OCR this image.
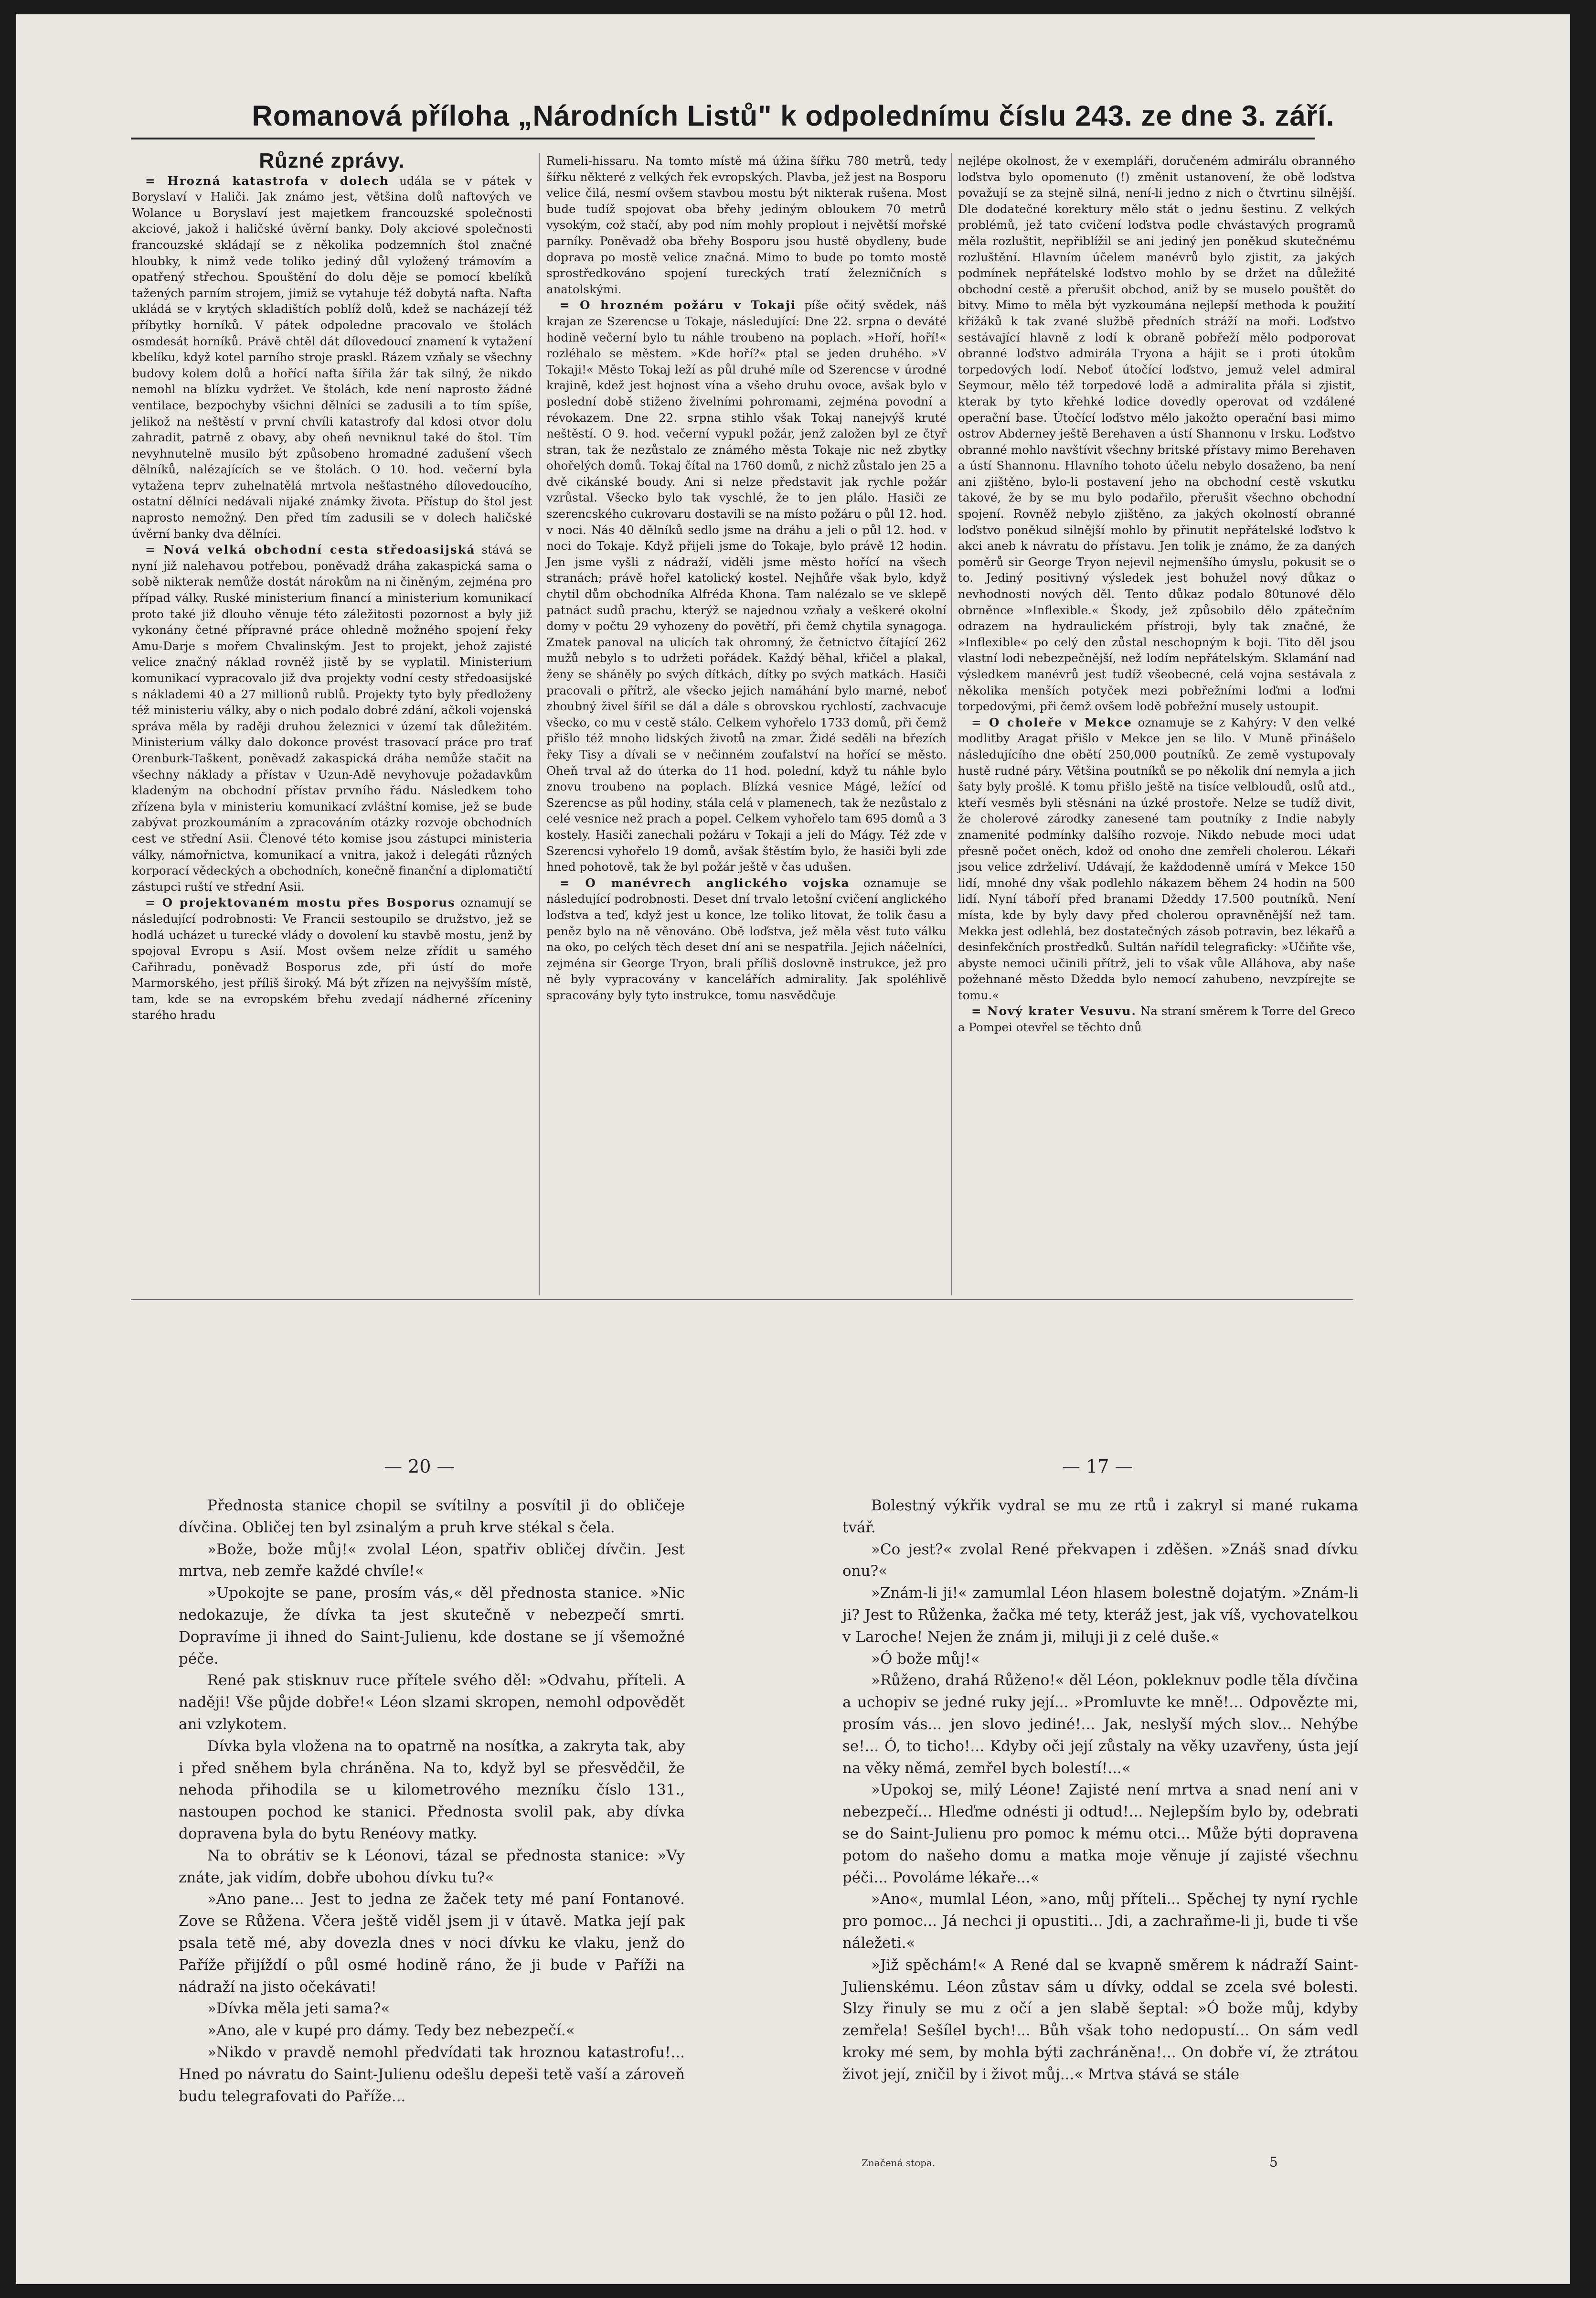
Romanová příloha „Národních Listů" k odpolednímu číslu 243. ze dne 3. září.
Různé zprávy.

= Hrozná katastrofa v dolech udála se v pátek v Boryslaví v Haliči. Jak známo jest, většina dolů naftových ve Wolance u Boryslaví jest majetkem francouzské společnosti akciové, jakož i haličské úvěrní banky. Doly akciové společnosti francouzské skládají se z několika podzemních štol značné hloubky, k nimž vede toliko jediný důl vyložený trámovím a opatřený střechou. Spouštění do dolu děje se pomocí kbelíků tažených parním strojem, jimiž se vytahuje též dobytá nafta. Nafta ukládá se v krytých skladištích poblíž dolů, kdež se nacházejí též příbytky horníků. V pátek odpoledne pracovalo ve štolách osmdesát horníků. Právě chtěl dát dílovedoucí znamení k vytažení kbelíku, když kotel parního stroje praskl. Rázem vzňaly se všechny budovy kolem dolů a hořící nafta šířila žár tak silný, že nikdo nemohl na blízku vydržet. Ve štolách, kde není naprosto žádné ventilace, bezpochyby všichni dělníci se zadusili a to tím spíše, jelikož na neštěstí v první chvíli katastrofy dal kdosi otvor dolu zahradit, patrně z obavy, aby oheň nevniknul také do štol. Tím nevyhnutelně musilo být způsobeno hromadné zadušení všech dělníků, nalézajících se ve štolách. O 10. hod. večerní byla vytažena teprv zuhelnatělá mrtvola nešťastného dílovedoucího, ostatní dělníci nedávali nijaké známky života. Přístup do štol jest naprosto nemožný. Den před tím zadusili se v dolech haličské úvěrní banky dva dělníci.

= Nová velká obchodní cesta středoasijská stává se nyní již nalehavou potřebou, poněvadž dráha zakaspická sama o sobě nikterak nemůže dostát nárokům na ni činěným, zejména pro případ války. Ruské ministerium financí a ministerium komunikací proto také již dlouho věnuje této záležitosti pozornost a byly již vykonány četné přípravné práce ohledně možného spojení řeky Amu-Darje s mořem Chvalinským. Jest to projekt, jehož zajisté velice značný náklad rovněž jistě by se vyplatil. Ministerium komunikací vypracovalo již dva projekty vodní cesty středoasijské s náklademi 40 a 27 millionů rublů. Projekty tyto byly předloženy též ministeriu války, aby o nich podalo dobré zdání, ačkoli vojenská správa měla by raději druhou železnici v území tak důležitém. Ministerium války dalo dokonce provést trasovací práce pro trať Orenburk-Taškent, poněvadž zakaspická dráha nemůže stačit na všechny náklady a přístav v Uzun-Adě nevyhovuje požadavkům kladeným na obchodní přístav prvního řádu. Následkem toho zřízena byla v ministeriu komunikací zvláštní komise, jež se bude zabývat prozkoumáním a zpracováním otázky rozvoje obchodních cest ve střední Asii. Členové této komise jsou zástupci ministeria války, námořnictva, komunikací a vnitra, jakož i delegáti různých korporací vědeckých a obchodních, konečně finanční a diplomatičtí zástupci ruští ve střední Asii.

= O projektovaném mostu přes Bosporus oznamují se následující podrobnosti: Ve Francii sestoupilo se družstvo, jež se hodlá ucházet u turecké vlády o dovolení ku stavbě mostu, jenž by spojoval Evropu s Asií. Most ovšem nelze zřídit u samého Cařihradu, poněvadž Bosporus zde, při ústí do moře Marmorského, jest příliš široký. Má být zřízen na nejvyšším místě, tam, kde se na evropském břehu zvedají nádherné zříceniny starého hradu

Rumeli-hissaru. Na tomto místě má úžina šířku 780 metrů, tedy šířku některé z velkých řek evropských. Plavba, jež jest na Bosporu velice čilá, nesmí ovšem stavbou mostu být nikterak rušena. Most bude tudíž spojovat oba břehy jediným obloukem 70 metrů vysokým, což stačí, aby pod ním mohly proplout i největší mořské parníky. Poněvadž oba břehy Bosporu jsou hustě obydleny, bude doprava po mostě velice značná. Mimo to bude po tomto mostě sprostředkováno spojení tureckých tratí železničních s anatolskými.

= O hrozném požáru v Tokaji píše očitý svědek, náš krajan ze Szerencse u Tokaje, následující: Dne 22. srpna o deváté hodině večerní bylo tu náhle troubeno na poplach. »Hoří, hoří!« rozléhalo se městem. »Kde hoří?« ptal se jeden druhého. »V Tokaji!« Město Tokaj leží as půl druhé míle od Szerencse v úrodné krajině, kdež jest hojnost vína a všeho druhu ovoce, avšak bylo v poslední době stiženo živelními pohromami, zejména povodní a révokazem. Dne 22. srpna stihlo však Tokaj nanejvýš kruté neštěstí. O 9. hod. večerní vypukl požár, jenž založen byl ze čtyř stran, tak že nezůstalo ze známého města Tokaje nic než zbytky ohořelých domů. Tokaj čítal na 1760 domů, z nichž zůstalo jen 25 a dvě cikánské boudy. Ani si nelze představit jak rychle požár vzrůstal. Všecko bylo tak vyschlé, že to jen plálo. Hasiči ze szerencského cukrovaru dostavili se na místo požáru o půl 12. hod. v noci. Nás 40 dělníků sedlo jsme na dráhu a jeli o půl 12. hod. v noci do Tokaje. Když přijeli jsme do Tokaje, bylo právě 12 hodin. Jen jsme vyšli z nádraží, viděli jsme město hořící na všech stranách; právě hořel katolický kostel. Nejhůře však bylo, když chytil dům obchodníka Alfréda Khona. Tam nalézalo se ve sklepě patnáct sudů prachu, kterýž se najednou vzňaly a veškeré okolní domy v počtu 29 vyhozeny do povětří, při čemž chytila synagoga. Zmatek panoval na ulicích tak ohromný, že četnictvo čítající 262 mužů nebylo s to udržeti pořádek. Každý běhal, křičel a plakal, ženy se sháněly po svých dítkách, dítky po svých matkách. Hasiči pracovali o přítrž, ale všecko jejich namáhání bylo marné, neboť zhoubný živel šířil se dál a dále s obrovskou rychlostí, zachvacuje všecko, co mu v cestě stálo. Celkem vyhořelo 1733 domů, při čemž přišlo též mnoho lidských životů na zmar. Židé seděli na březích řeky Tisy a dívali se v nečinném zoufalství na hořící se město. Oheň trval až do úterka do 11 hod. polední, když tu náhle bylo znovu troubeno na poplach. Blízká vesnice Mágé, ležící od Szerencse as půl hodiny, stála celá v plamenech, tak že nezůstalo z celé vesnice než prach a popel. Celkem vyhořelo tam 695 domů a 3 kostely. Hasiči zanechali požáru v Tokaji a jeli do Mágy. Též zde v Szerencsi vyhořelo 19 domů, avšak štěstím bylo, že hasiči byli zde hned pohotově, tak že byl požár ještě v čas udušen.

= O manévrech anglického vojska oznamuje se následující podrobnosti. Deset dní trvalo letošní cvičení anglického loďstva a teď, když jest u konce, lze toliko litovat, že tolik času a peněz bylo na ně věnováno. Obě loďstva, jež měla věst tuto válku na oko, po celých těch deset dní ani se nespatřila. Jejich náčelníci, zejména sir George Tryon, brali příliš doslovně instrukce, jež pro ně byly vypracovány v kancelářích admirality. Jak spoléhlivě spracovány byly tyto instrukce, tomu nasvědčuje

nejlépe okolnost, že v exempláři, doručeném admirálu obranného loďstva bylo opomenuto (!) změnit ustanovení, že obě loďstva považují se za stejně silná, není-li jedno z nich o čtvrtinu silnější. Dle dodatečné korektury mělo stát o jednu šestinu. Z velkých problémů, jež tato cvičení loďstva podle chvástavých programů měla rozluštit, nepřiblížil se ani jediný jen poněkud skutečnému rozluštění. Hlavním účelem manévrů bylo zjistit, za jakých podmínek nepřátelské loďstvo mohlo by se držet na důležité obchodní cestě a přerušit obchod, aniž by se muselo pouštět do bitvy. Mimo to měla být vyzkoumána nejlepší methoda k použití křižáků k tak zvané službě předních stráží na moři. Loďstvo sestávající hlavně z lodí k obraně pobřeží mělo podporovat obranné loďstvo admirála Tryona a hájit se i proti útokům torpedových lodí. Neboť útočící loďstvo, jemuž velel admiral Seymour, mělo též torpedové lodě a admiralita přála si zjistit, kterak by tyto křehké lodice dovedly operovat od vzdálené operační base. Útočící loďstvo mělo jakožto operační basi mimo ostrov Abderney ještě Berehaven a ústí Shannonu v Irsku. Loďstvo obranné mohlo navštívit všechny britské přístavy mimo Berehaven a ústí Shannonu. Hlavního tohoto účelu nebylo dosaženo, ba není ani zjištěno, bylo-li postavení jeho na obchodní cestě vskutku takové, že by se mu bylo podařilo, přerušit všechno obchodní spojení. Rovněž nebylo zjištěno, za jakých okolností obranné loďstvo poněkud silnější mohlo by přinutit nepřátelské loďstvo k akci aneb k návratu do přístavu. Jen tolik je známo, že za daných poměrů sir George Tryon nejevil nejmenšího úmyslu, pokusit se o to. Jediný positivný výsledek jest bohužel nový důkaz o nevhodnosti nových děl. Tento důkaz podalo 80tunové dělo obrněnce »Inflexible.« Škody, jež způsobilo dělo zpátečním odrazem na hydraulickém přístroji, byly tak značné, že »Inflexible« po celý den zůstal neschopným k boji. Tito děl jsou vlastní lodi nebezpečnější, než lodím nepřátelským. Sklamání nad výsledkem manévrů jest tudíž všeobecné, celá vojna sestávala z několika menších potyček mezi pobřežními loďmi a loďmi torpedovými, při čemž ovšem lodě pobřežní musely ustoupit.

= O choleře v Mekce oznamuje se z Kahýry: V den velké modlitby Aragat přišlo v Mekce jen se lilo. V Muně přinášelo následujícího dne obětí 250,000 poutníků. Ze země vystupovaly hustě rudné páry. Většina poutníků se po několik dní nemyla a jich šaty byly prošlé. K tomu přišlo ještě na tisíce velbloudů, oslů atd., kteří vesměs byli stěsnáni na úzké prostoře. Nelze se tudíž divit, že cholerové zárodky zanesené tam poutníky z Indie nabyly znamenité podmínky dalšího rozvoje. Nikdo nebude moci udat přesně počet oněch, kdož od onoho dne zemřeli cholerou. Lékaři jsou velice zdrželiví. Udávají, že každodenně umírá v Mekce 150 lidí, mnohé dny však podlehlo nákazem během 24 hodin na 500 lidí. Nyní táboří před branami Džeddy 17.500 poutníků. Není místa, kde by byly davy před cholerou opravněnější než tam. Mekka jest odlehlá, bez dostatečných zásob potravin, bez lékařů a desinfekčních prostředků. Sultán nařídil telegraficky: »Učiňte vše, abyste nemoci učinili přítrž, jeli to však vůle Alláhova, aby naše požehnané město Džedda bylo nemocí zahubeno, nevzpírejte se tomu.«

= Nový krater Vesuvu. Na straní směrem k Torre del Greco a Pompei otevřel se těchto dnů

— 20 —	— 17 —

Přednosta stanice chopil se svítilny a posvítil ji do obličeje dívčina. Obličej ten byl zsinalým a pruh krve stékal s čela.

»Bože, bože můj!« zvolal Léon, spatřiv obličej dívčin. Jest mrtva, neb zemře každé chvíle!«

»Upokojte se pane, prosím vás,« děl přednosta stanice. »Nic nedokazuje, že dívka ta jest skutečně v nebezpečí smrti. Dopravíme ji ihned do Saint-Julienu, kde dostane se jí všemožné péče.

René pak stisknuv ruce přítele svého děl: »Odvahu, příteli. A naději! Vše půjde dobře!« Léon slzami skropen, nemohl odpovědět ani vzlykotem.

Dívka byla vložena na to opatrně na nosítka, a zakryta tak, aby i před sněhem byla chráněna. Na to, když byl se přesvědčil, že nehoda přihodila se u kilometrového mezníku číslo 131., nastoupen pochod ke stanici. Přednosta svolil pak, aby dívka dopravena byla do bytu Renéovy matky.

Na to obrátiv se k Léonovi, tázal se přednosta stanice: »Vy znáte, jak vidím, dobře ubohou dívku tu?«

»Ano pane... Jest to jedna ze žaček tety mé paní Fontanové. Zove se Růžena. Včera ještě viděl jsem ji v útavě. Matka její pak psala tetě mé, aby dovezla dnes v noci dívku ke vlaku, jenž do Paříže přijíždí o půl osmé hodině ráno, že ji bude v Paříži na nádraží na jisto očekávati!

»Dívka měla jeti sama?«

»Ano, ale v kupé pro dámy. Tedy bez nebezpečí.«

»Nikdo v pravdě nemohl předvídati tak hroznou katastrofu!... Hned po návratu do Saint-Julienu odešlu depeši tetě vaší a zároveň budu telegrafovati do Paříže...

Bolestný výkřik vydral se mu ze rtů i zakryl si mané rukama tvář.

»Co jest?« zvolal René překvapen i zděšen. »Znáš snad dívku onu?«

»Znám-li ji!« zamumlal Léon hlasem bolestně dojatým. »Znám-li ji? Jest to Růženka, žačka mé tety, kteráž jest, jak víš, vychovatelkou v Laroche! Nejen že znám ji, miluji ji z celé duše.«

»Ó bože můj!«

»Růženo, drahá Růženo!« děl Léon, pokleknuv podle těla dívčina a uchopiv se jedné ruky její... »Promluvte ke mně!... Odpovězte mi, prosím vás... jen slovo jediné!... Jak, neslyší mých slov... Nehýbe se!... Ó, to ticho!... Kdyby oči její zůstaly na věky uzavřeny, ústa její na věky němá, zemřel bych bolestí!...«

»Upokoj se, milý Léone! Zajisté není mrtva a snad není ani v nebezpečí... Hleďme odnésti ji odtud!... Nejlepším bylo by, odebrati se do Saint-Julienu pro pomoc k mému otci... Může býti dopravena potom do našeho domu a matka moje věnuje jí zajisté všechnu péči... Povoláme lékaře...«

»Ano«, mumlal Léon, »ano, můj příteli... Spěchej ty nyní rychle pro pomoc... Já nechci ji opustiti... Jdi, a zachraňme-li ji, bude ti vše náležeti.«

»Již spěchám!« A René dal se kvapně směrem k nádraží Saint-Julienskému. Léon zůstav sám u dívky, oddal se zcela své bolesti. Slzy řinuly se mu z očí a jen slabě šeptal: »Ó bože můj, kdyby zemřela! Sešílel bych!... Bůh však toho nedopustí... On sám vedl kroky mé sem, by mohla býti zachráněna!... On dobře ví, že ztrátou život její, zničil by i život můj...« Mrtva stává se stále

Značená stopa.	5
